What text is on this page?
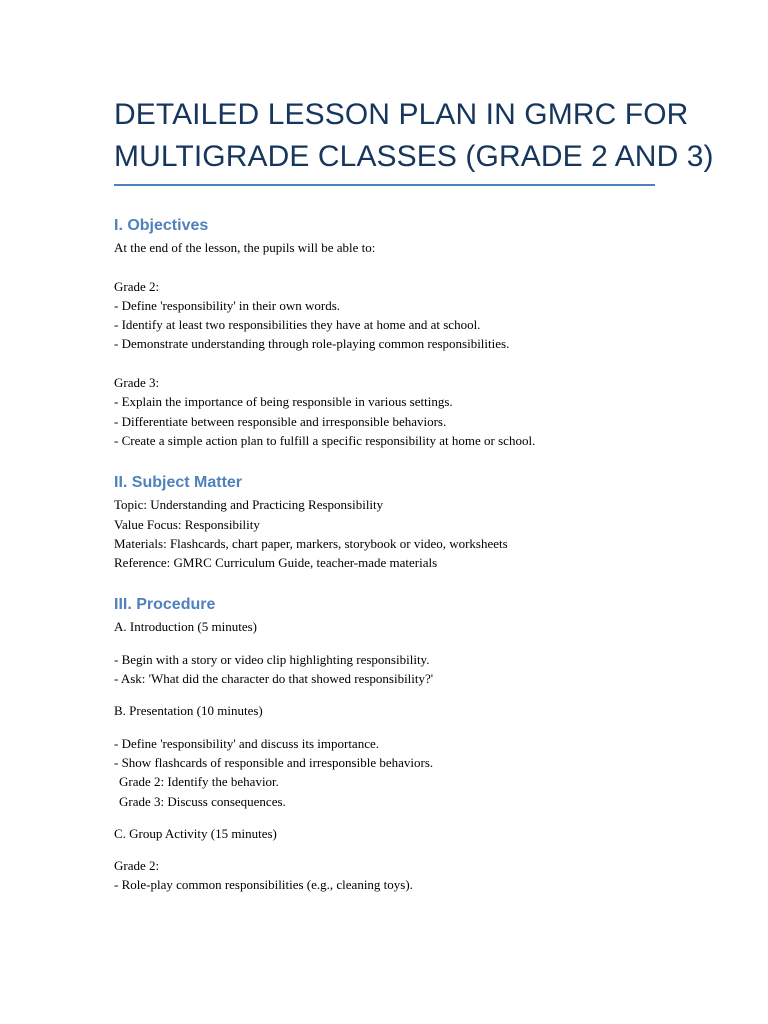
DETAILED LESSON PLAN IN GMRC FOR
MULTIGRADE CLASSES (GRADE 2 AND 3)
I. Objectives
At the end of the lesson, the pupils will be able to:
Grade 2:
- Define 'responsibility' in their own words.
- Identify at least two responsibilities they have at home and at school.
- Demonstrate understanding through role-playing common responsibilities.
Grade 3:
- Explain the importance of being responsible in various settings.
- Differentiate between responsible and irresponsible behaviors.
- Create a simple action plan to fulfill a specific responsibility at home or school.
II. Subject Matter
Topic: Understanding and Practicing Responsibility
Value Focus: Responsibility
Materials: Flashcards, chart paper, markers, storybook or video, worksheets
Reference: GMRC Curriculum Guide, teacher-made materials
III. Procedure
A. Introduction (5 minutes)
- Begin with a story or video clip highlighting responsibility.
- Ask: 'What did the character do that showed responsibility?'
B. Presentation (10 minutes)
- Define 'responsibility' and discuss its importance.
- Show flashcards of responsible and irresponsible behaviors.
Grade 2: Identify the behavior.
Grade 3: Discuss consequences.
C. Group Activity (15 minutes)
Grade 2:
- Role-play common responsibilities (e.g., cleaning toys).
